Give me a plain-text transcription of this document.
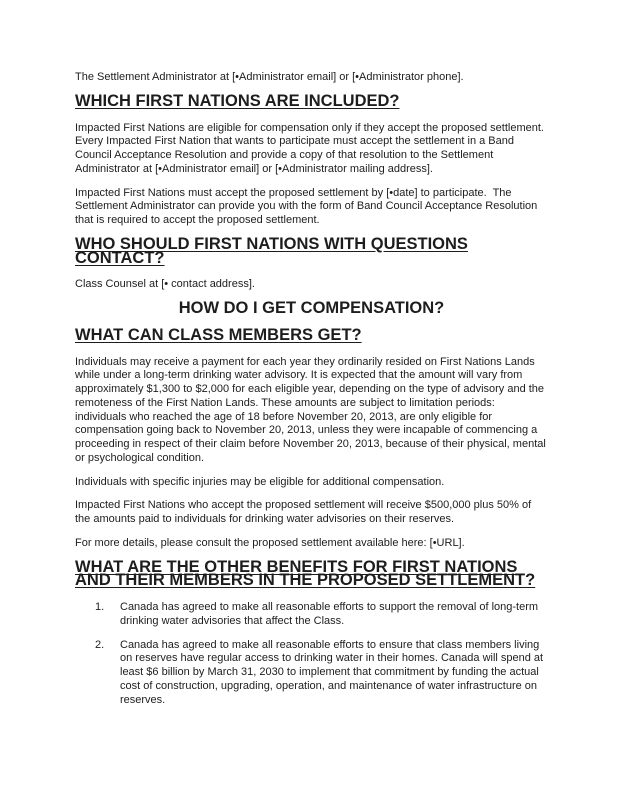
The Settlement Administrator at [•Administrator email] or [•Administrator phone].

WHICH FIRST NATIONS ARE INCLUDED?

Impacted First Nations are eligible for compensation only if they accept the proposed settlement. Every Impacted First Nation that wants to participate must accept the settlement in a Band Council Acceptance Resolution and provide a copy of that resolution to the Settlement Administrator at [•Administrator email] or [•Administrator mailing address].

Impacted First Nations must accept the proposed settlement by [•date] to participate.  The Settlement Administrator can provide you with the form of Band Council Acceptance Resolution that is required to accept the proposed settlement.

WHO SHOULD FIRST NATIONS WITH QUESTIONS CONTACT?

Class Counsel at [• contact address].

HOW DO I GET COMPENSATION?
WHAT CAN CLASS MEMBERS GET?

Individuals may receive a payment for each year they ordinarily resided on First Nations Lands while under a long-term drinking water advisory. It is expected that the amount will vary from approximately $1,300 to $2,000 for each eligible year, depending on the type of advisory and the remoteness of the First Nation Lands. These amounts are subject to limitation periods: individuals who reached the age of 18 before November 20, 2013, are only eligible for compensation going back to November 20, 2013, unless they were incapable of commencing a proceeding in respect of their claim before November 20, 2013, because of their physical, mental or psychological condition.

Individuals with specific injuries may be eligible for additional compensation.

Impacted First Nations who accept the proposed settlement will receive $500,000 plus 50% of the amounts paid to individuals for drinking water advisories on their reserves.

For more details, please consult the proposed settlement available here: [•URL].

WHAT ARE THE OTHER BENEFITS FOR FIRST NATIONS AND THEIR MEMBERS IN THE PROPOSED SETTLEMENT?
Canada has agreed to make all reasonable efforts to support the removal of long-term drinking water advisories that affect the Class.
Canada has agreed to make all reasonable efforts to ensure that class members living on reserves have regular access to drinking water in their homes. Canada will spend at least $6 billion by March 31, 2030 to implement that commitment by funding the actual cost of construction, upgrading, operation, and maintenance of water infrastructure on reserves.
